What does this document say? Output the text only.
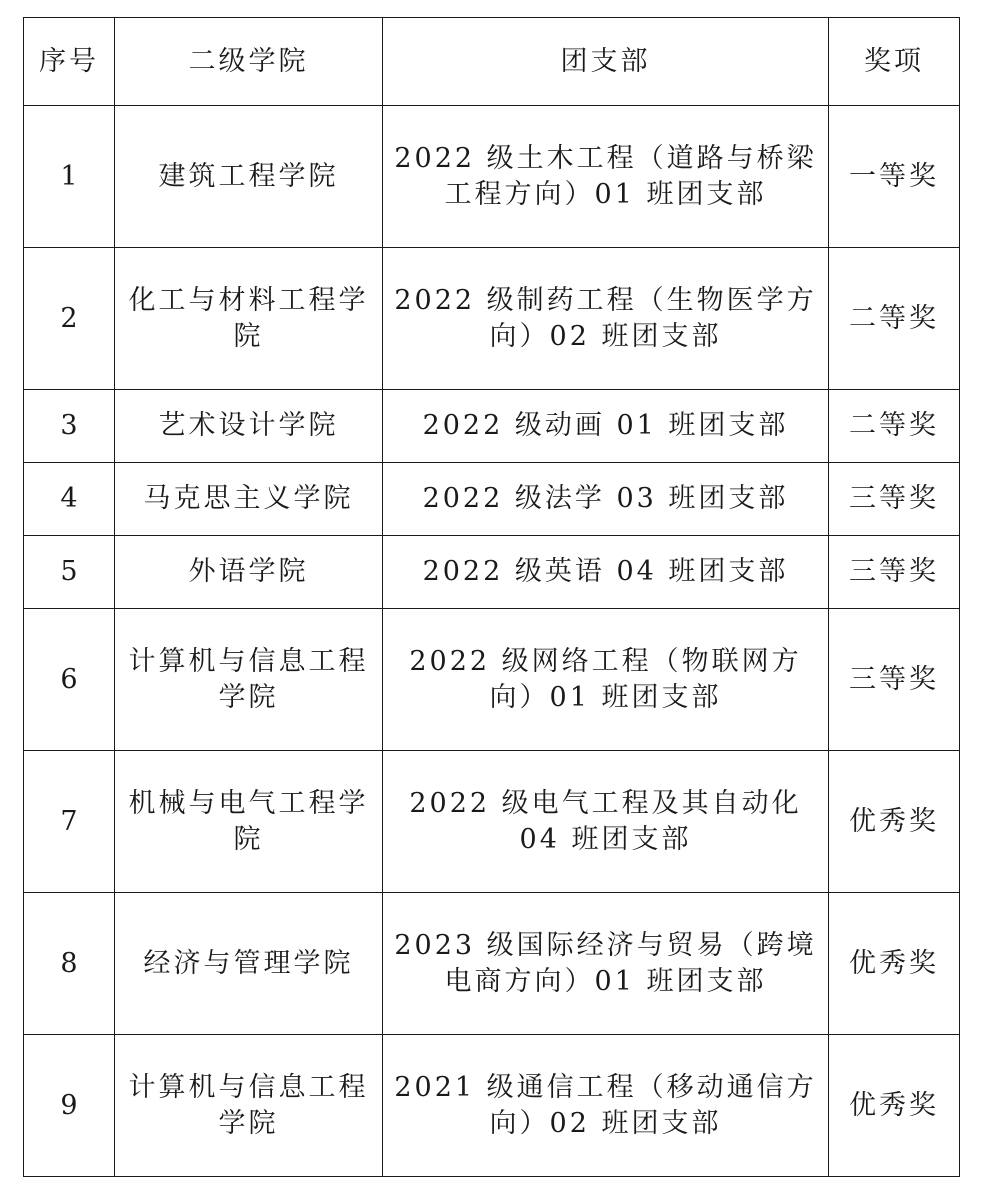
序号	二级学院	团支部	奖项

1	建筑工程学院	2022 级土木工程（道路与桥梁工程方向）01 班团支部	一等奖

2	化工与材料工程学院	2022 级制药工程（生物医学方向）02 班团支部	二等奖

3	艺术设计学院	2022 级动画 01 班团支部	二等奖

4	马克思主义学院	2022 级法学 03 班团支部	三等奖

5	外语学院	2022 级英语 04 班团支部	三等奖

6	计算机与信息工程学院	2022 级网络工程（物联网方向）01 班团支部	三等奖

7	机械与电气工程学院	2022 级电气工程及其自动化 04 班团支部	优秀奖

8	经济与管理学院	2023 级国际经济与贸易（跨境电商方向）01 班团支部	优秀奖

9	计算机与信息工程学院	2021 级通信工程（移动通信方向）02 班团支部	优秀奖
